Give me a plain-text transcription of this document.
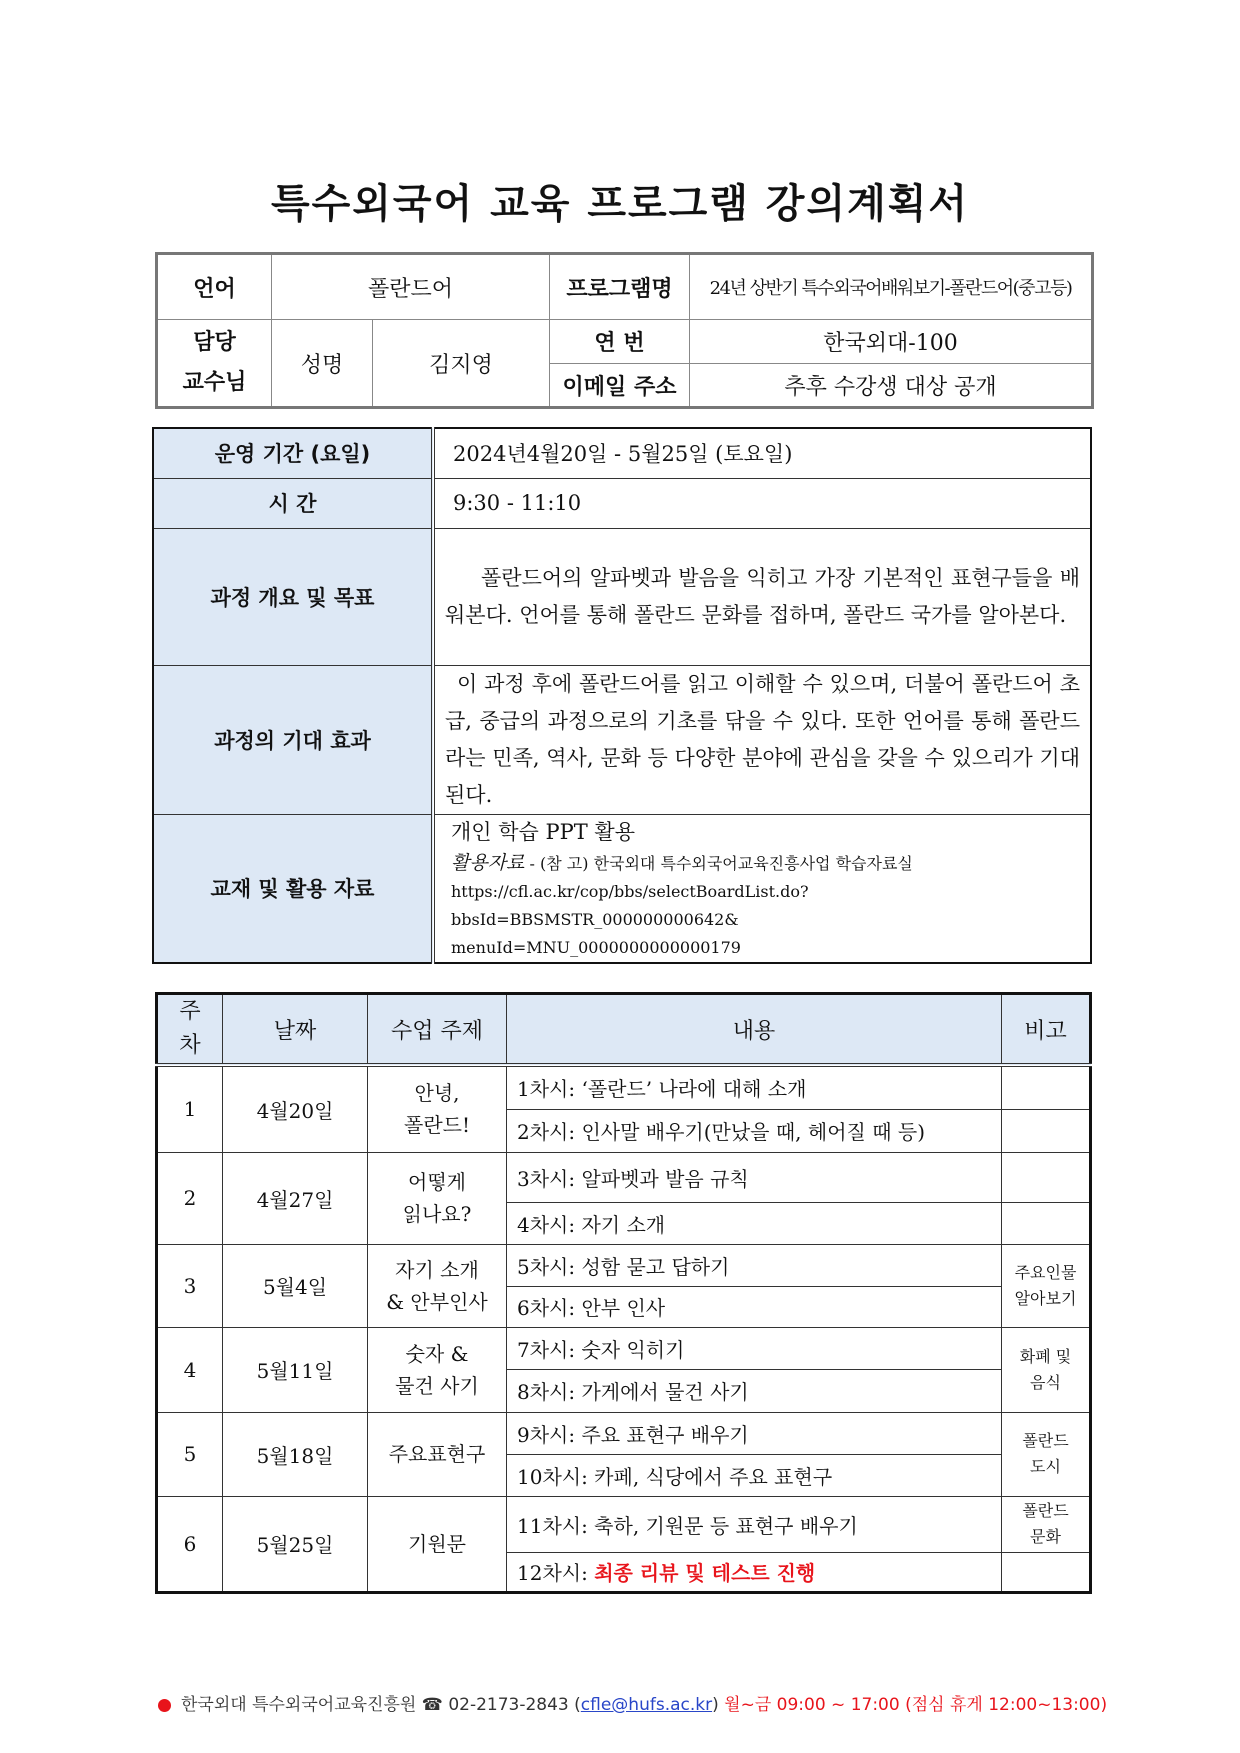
특수외국어 교육 프로그램 강의계획서
언어	폴란드어		프로그램명	24년 상반기 특수외국어배워보기-폴란드어(중고등)
담당
교수님	성명	김지영	연 번	한국외대-100
			이메일 주소	추후 수강생 대상 공개
운영 기간 (요일)	2024년4월20일 - 5월25일 (토요일)
시 간	9:30 - 11:10
과정 개요 및 목표	폴란드어의 알파벳과 발음을 익히고 가장 기본적인 표현구들을 배워본다. 언어를 통해 폴란드 문화를 접하며, 폴란드 국가를 알아본다.
과정의 기대 효과	이 과정 후에 폴란드어를 읽고 이해할 수 있으며, 더불어 폴란드어 초급, 중급의 과정으로의 기초를 닦을 수 있다. 또한 언어를 통해 폴란드라는 민족, 역사, 문화 등 다양한 분야에 관심을 갖을 수 있으리가 기대된다.
교재 및 활용 자료	개인 학습 PPT 활용
활용자료 - (참 고) 한국외대 특수외국어교육진흥사업 학습자료실
https://cfl.ac.kr/cop/bbs/selectBoardList.do?bbsId=BBSMSTR_000000000642&
menuId=MNU_0000000000000179
주
차	날짜	수업 주제	내용	비고
1	4월20일	안녕,
폴란드!	1차시: ‘폴란드’ 나라에 대해 소개	
			2차시: 인사말 배우기(만났을 때, 헤어질 때 등)	
2	4월27일	어떻게
읽나요?	3차시: 알파벳과 발음 규칙	
			4차시: 자기 소개	
3	5월4일	자기 소개
& 안부인사	5차시: 성함 묻고 답하기	주요인물
알아보기
			6차시: 안부 인사	
4	5월11일	숫자 &
물건 사기	7차시: 숫자 익히기	화폐 및
음식
			8차시: 가게에서 물건 사기	
5	5월18일	주요표현구	9차시: 주요 표현구 배우기	폴란드
도시
			10차시: 카페, 식당에서 주요 표현구	
6	5월25일	기원문	11차시: 축하, 기원문 등 표현구 배우기	폴란드
문화
			12차시: 최종 리뷰 및 테스트 진행	
한국외대 특수외국어교육진흥원 ☎ 02-2173-2843 (cfle@hufs.ac.kr) 월~금 09:00 ~ 17:00 (점심 휴게 12:00~13:00)
